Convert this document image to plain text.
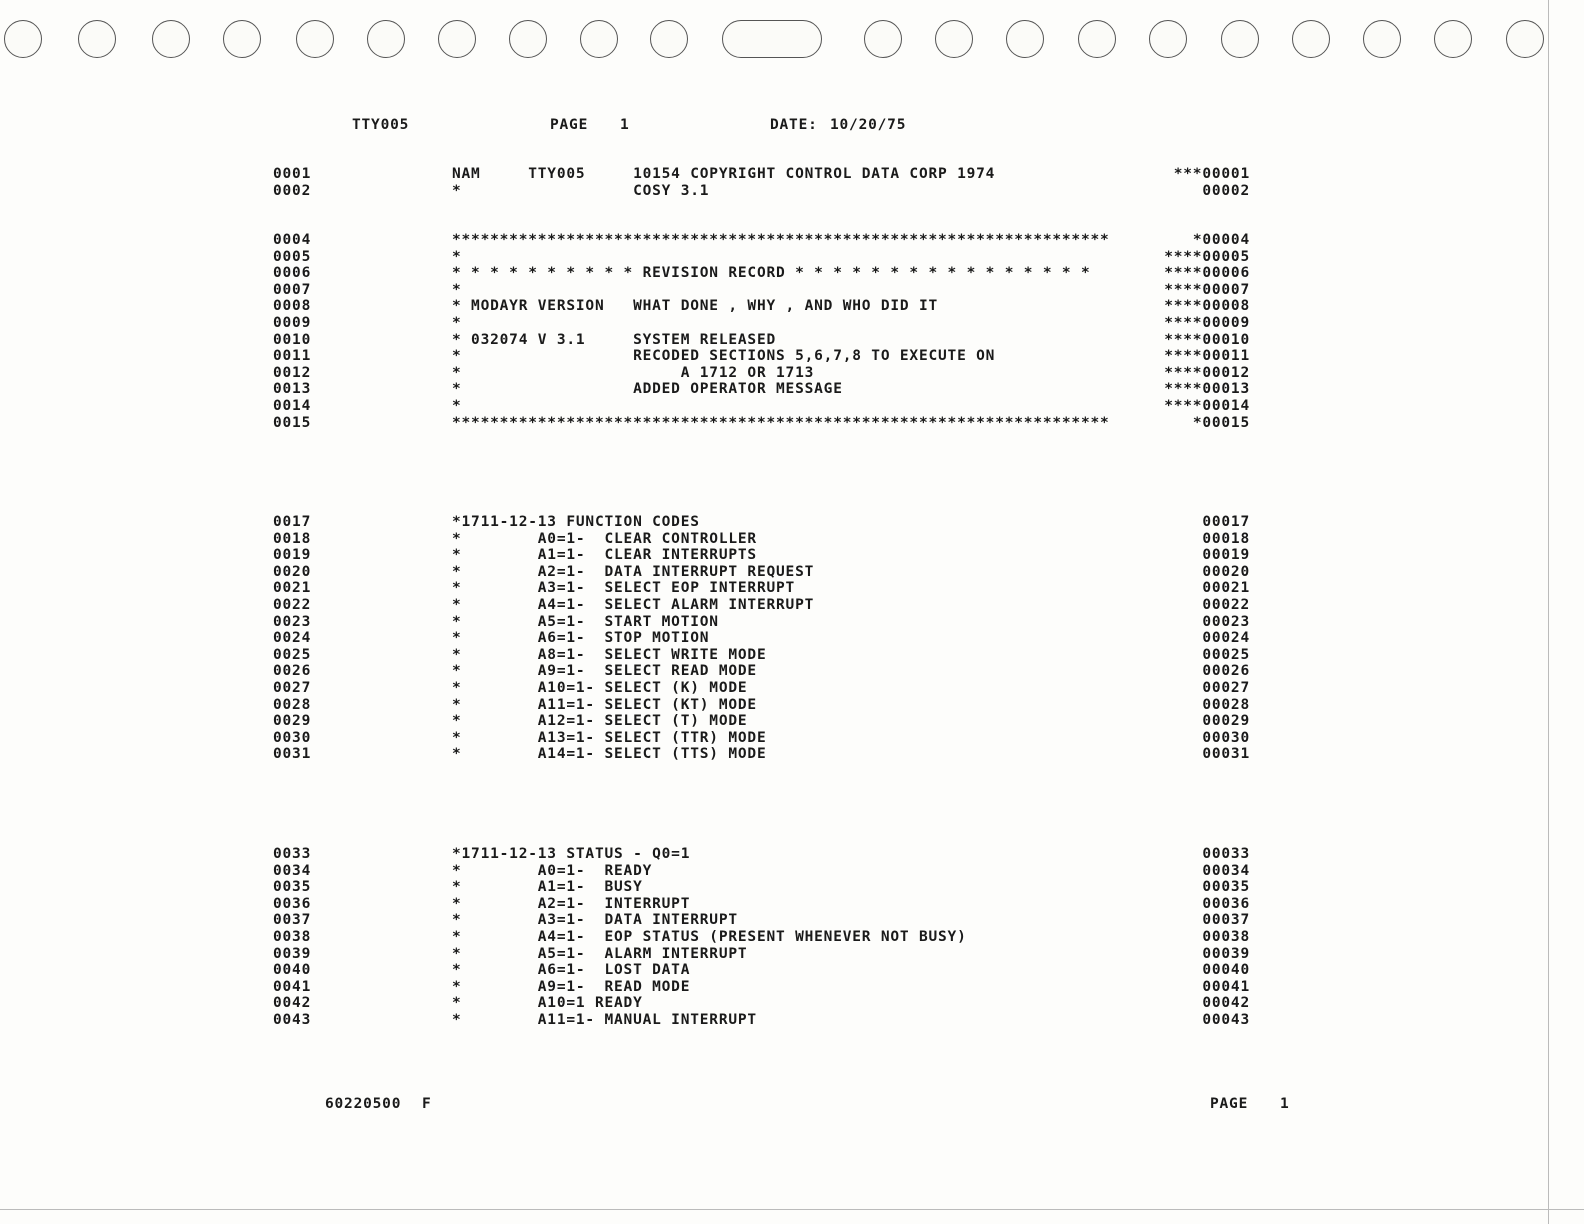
TTY005	PAGE 1	DATE: 10/20/75
0001	NAM     TTY005     10154 COPYRIGHT CONTROL DATA CORP 1974	***00001
0002	*                  COSY 3.1	00002
0004	*********************************************************************	*00004
0005	*	****00005
0006	* * * * * * * * * * REVISION RECORD * * * * * * * * * * * * * * * *	****00006
0007	*	****00007
0008	* MODAYR VERSION   WHAT DONE , WHY , AND WHO DID IT	****00008
0009	*	****00009
0010	* 032074 V 3.1     SYSTEM RELEASED	****00010
0011	*                  RECODED SECTIONS 5,6,7,8 TO EXECUTE ON	****00011
0012	*                       A 1712 OR 1713	****00012
0013	*                  ADDED OPERATOR MESSAGE	****00013
0014	*	****00014
0015	*********************************************************************	*00015
0017	*1711-12-13 FUNCTION CODES	00017
0018	*        A0=1-  CLEAR CONTROLLER	00018
0019	*        A1=1-  CLEAR INTERRUPTS	00019
0020	*        A2=1-  DATA INTERRUPT REQUEST	00020
0021	*        A3=1-  SELECT EOP INTERRUPT	00021
0022	*        A4=1-  SELECT ALARM INTERRUPT	00022
0023	*        A5=1-  START MOTION	00023
0024	*        A6=1-  STOP MOTION	00024
0025	*        A8=1-  SELECT WRITE MODE	00025
0026	*        A9=1-  SELECT READ MODE	00026
0027	*        A10=1- SELECT (K) MODE	00027
0028	*        A11=1- SELECT (KT) MODE	00028
0029	*        A12=1- SELECT (T) MODE	00029
0030	*        A13=1- SELECT (TTR) MODE	00030
0031	*        A14=1- SELECT (TTS) MODE	00031
0033	*1711-12-13 STATUS - Q0=1	00033
0034	*        A0=1-  READY	00034
0035	*        A1=1-  BUSY	00035
0036	*        A2=1-  INTERRUPT	00036
0037	*        A3=1-  DATA INTERRUPT	00037
0038	*        A4=1-  EOP STATUS (PRESENT WHENEVER NOT BUSY)	00038
0039	*        A5=1-  ALARM INTERRUPT	00039
0040	*        A6=1-  LOST DATA	00040
0041	*        A9=1-  READ MODE	00041
0042	*        A10=1 READY	00042
0043	*        A11=1- MANUAL INTERRUPT	00043
60220500 F	PAGE 1
